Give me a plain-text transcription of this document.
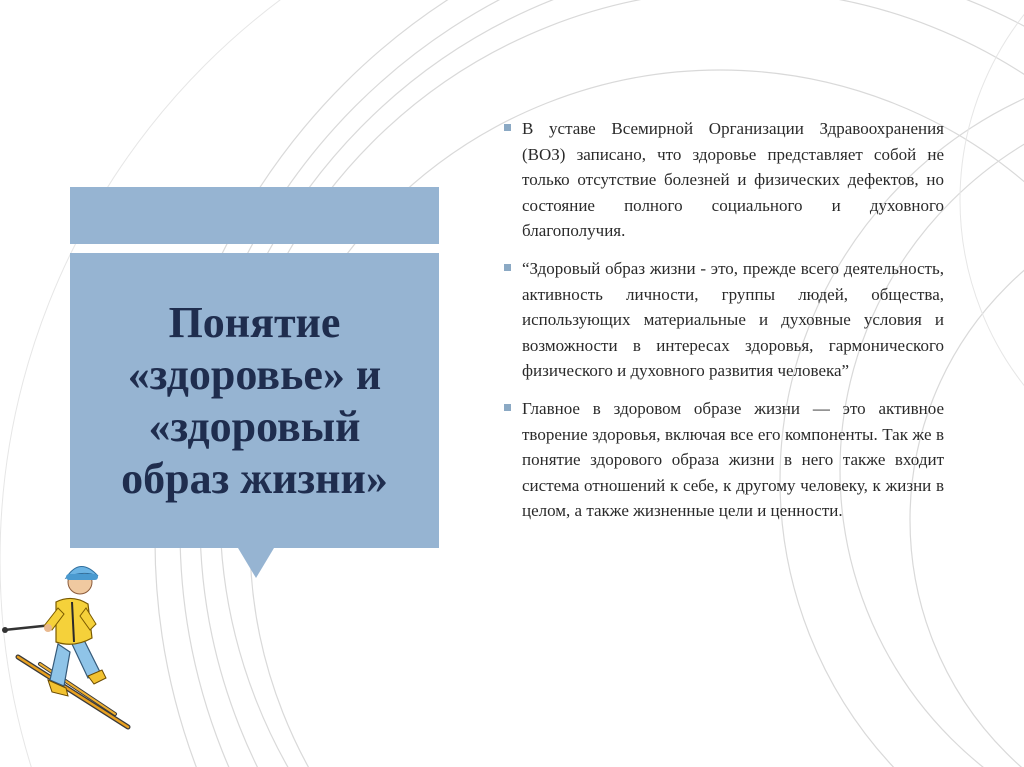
Понятие «здоровье» и «здоровый образ жизни»

В уставе Всемирной Организации Здравоохранения (ВОЗ) записано, что здоровье представляет собой не только отсутствие болезней и физических дефектов, но состояние полного социального и духовного благополучия.

“Здоровый образ жизни - это, прежде всего деятельность, активность личности, группы людей, общества, использующих материальные и духовные условия и возможности в интересах здоровья, гармонического физического и духовного развития человека”

Главное в здоровом образе жизни — это активное творение здоровья, включая все его компоненты. Так же в понятие здорового образа жизни в него также входит система отношений к себе, к другому человеку, к жизни в целом, а также жизненные цели и ценности.
